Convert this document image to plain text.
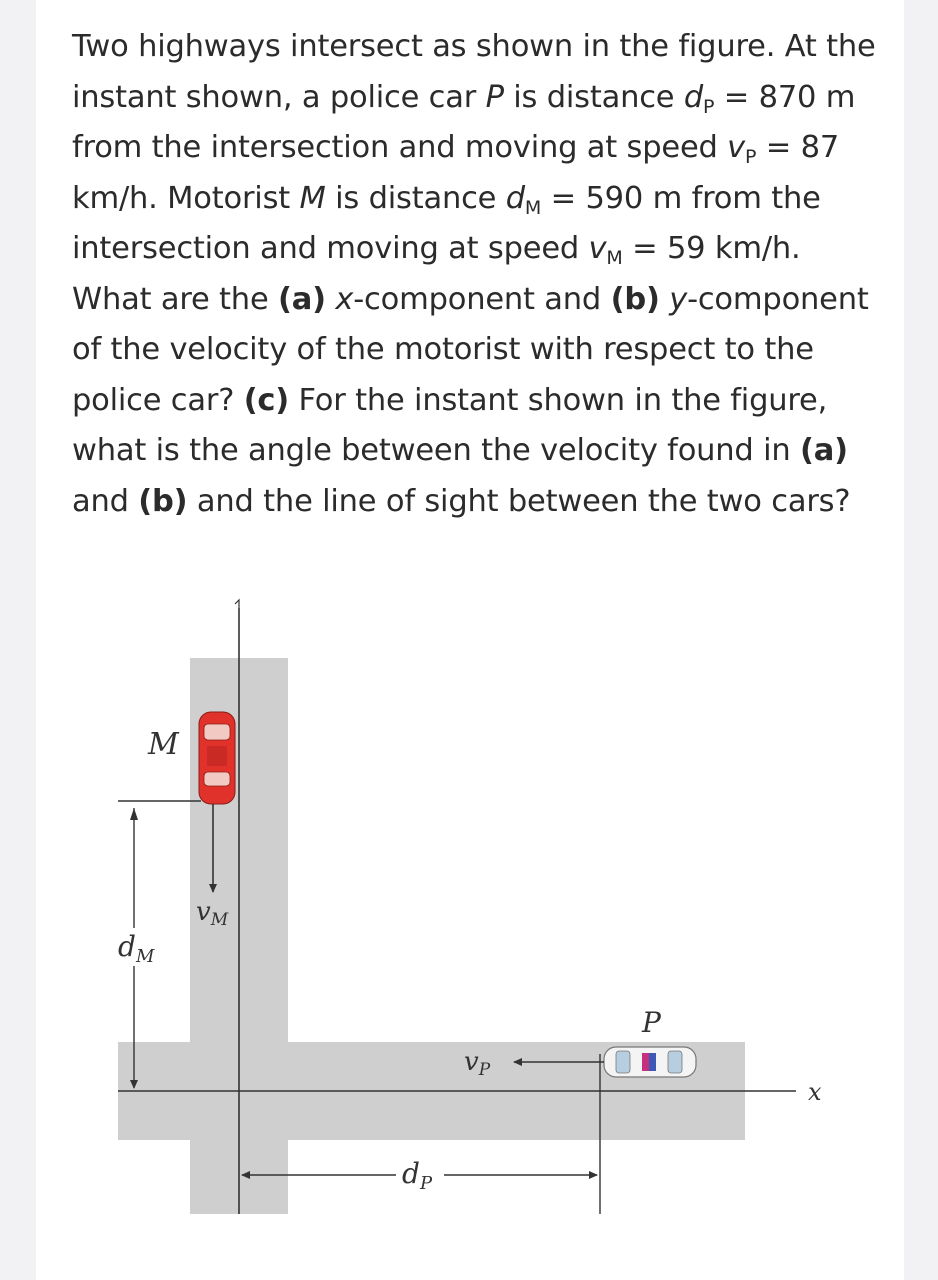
Two highways intersect as shown in the figure. At the instant shown, a police car P is distance $d_P = 870$ m from the intersection and moving at speed $v_P = 87$ km/h. Motorist M is distance $d_M = 590$ m from the intersection and moving at speed $v_M = 59$ km/h. What are the (a) x-component and (b) y-component of the velocity of the motorist with respect to the police car? (c) For the instant shown in the figure, what is the angle between the velocity found in (a) and (b) and the line of sight between the two cars?

M
vM
$d_M$
P
vP
$d_P$
x
